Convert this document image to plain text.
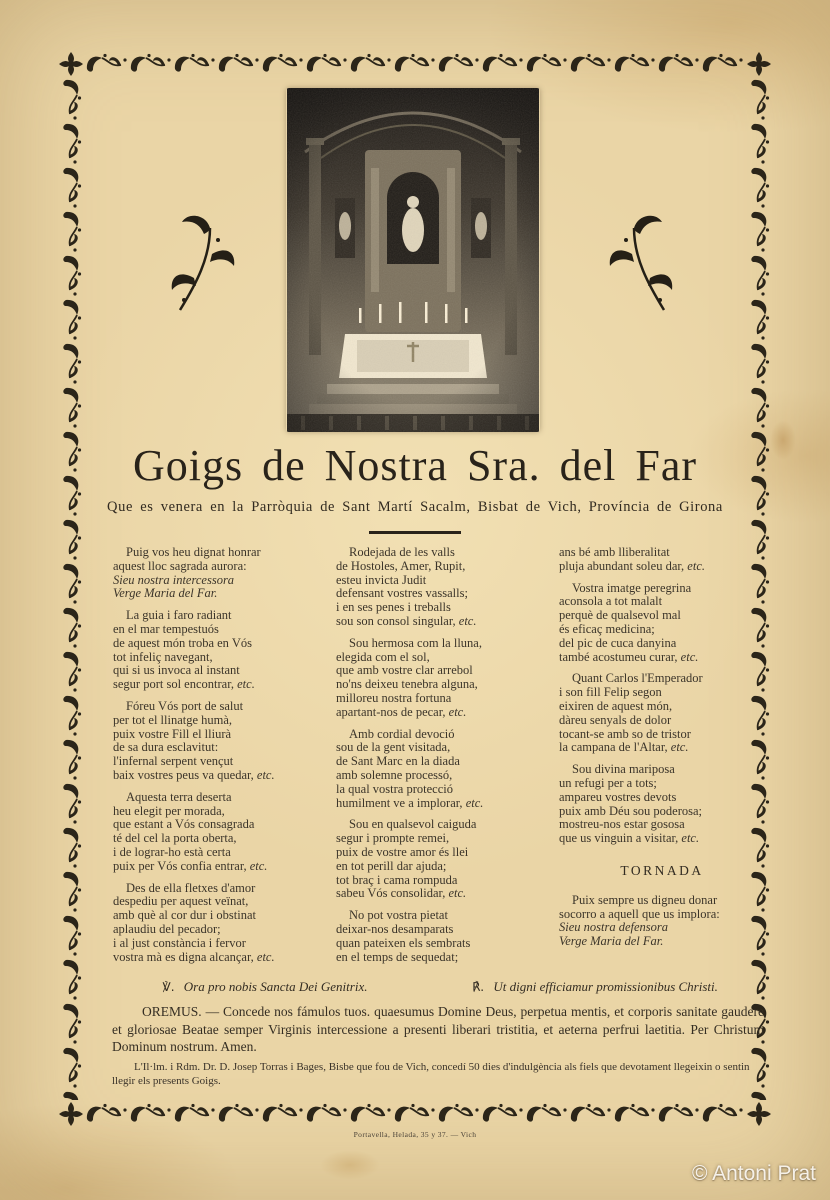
Goigs de Nostra Sra. del Far
Que es venera en la Parròquia de Sant Martí Sacalm, Bisbat de Vich, Província de Girona
Puig vos heu dignat honrar
aquest lloc sagrada aurora:
Sieu nostra intercessora
Verge Maria del Far.
La guia i faro radiant
en el mar tempestuós
de aquest món troba en Vós
tot infeliç navegant,
qui si us invoca al instant
segur port sol encontrar, etc.
Fóreu Vós port de salut
per tot el llinatge humà,
puix vostre Fill el lliurà
de sa dura esclavitut:
l'infernal serpent vençut
baix vostres peus va quedar, etc.
Aquesta terra deserta
heu elegit per morada,
que estant a Vós consagrada
té del cel la porta oberta,
i de lograr-ho està certa
puix per Vós confia entrar, etc.
Des de ella fletxes d'amor
despediu per aquest veïnat,
amb què al cor dur i obstinat
aplaudiu del pecador;
i al just constància i fervor
vostra mà es digna alcançar, etc.
Rodejada de les valls
de Hostoles, Amer, Rupit,
esteu invicta Judit
defensant vostres vassalls;
i en ses penes i treballs
sou son consol singular, etc.
Sou hermosa com la lluna,
elegida com el sol,
que amb vostre clar arrebol
no'ns deixeu tenebra alguna,
milloreu nostra fortuna
apartant-nos de pecar, etc.
Amb cordial devoció
sou de la gent visitada,
de Sant Marc en la diada
amb solemne processó,
la qual vostra protecció
humilment ve a implorar, etc.
Sou en qualsevol caiguda
segur i prompte remei,
puix de vostre amor és llei
en tot perill dar ajuda;
tot braç i cama rompuda
sabeu Vós consolidar, etc.
No pot vostra pietat
deixar-nos desamparats
quan pateixen els sembrats
en el temps de sequedat;
ans bé amb lliberalitat
pluja abundant soleu dar, etc.
Vostra imatge peregrina
aconsola a tot malalt
perquè de qualsevol mal
és eficaç medicina;
del pic de cuca danyina
també acostumeu curar, etc.
Quant Carlos l'Emperador
i son fill Felip segon
eixiren de aquest món,
dàreu senyals de dolor
tocant-se amb so de tristor
la campana de l'Altar, etc.
Sou divina mariposa
un refugi per a tots;
ampareu vostres devots
puix amb Déu sou poderosa;
mostreu-nos estar gososa
que us vinguin a visitar, etc.
TORNADA
Puix sempre us digneu donar
socorro a aquell que us implora:
Sieu nostra defensora
Verge Maria del Far.
℣. Ora pro nobis Sancta Dei Genitrix.	℟. Ut digni efficiamur promissionibus Christi.
OREMUS. — Concede nos fámulos tuos. quaesumus Domine Deus, perpetua mentis, et corporis sanitate gaudere et gloriosae Beatae semper Virginis intercessione a presenti liberari tristitia, et aeterna perfrui laetitia. Per Christum Dominum nostrum. Amen.
L'Il·lm. i Rdm. Dr. D. Josep Torras i Bages, Bisbe que fou de Vich, concedí 50 dies d'indulgència als fiels que devotament llegeixin o sentin llegir els presents Goigs.
Portavella, Helada, 35 y 37. — Vich
© Antoni Prat
